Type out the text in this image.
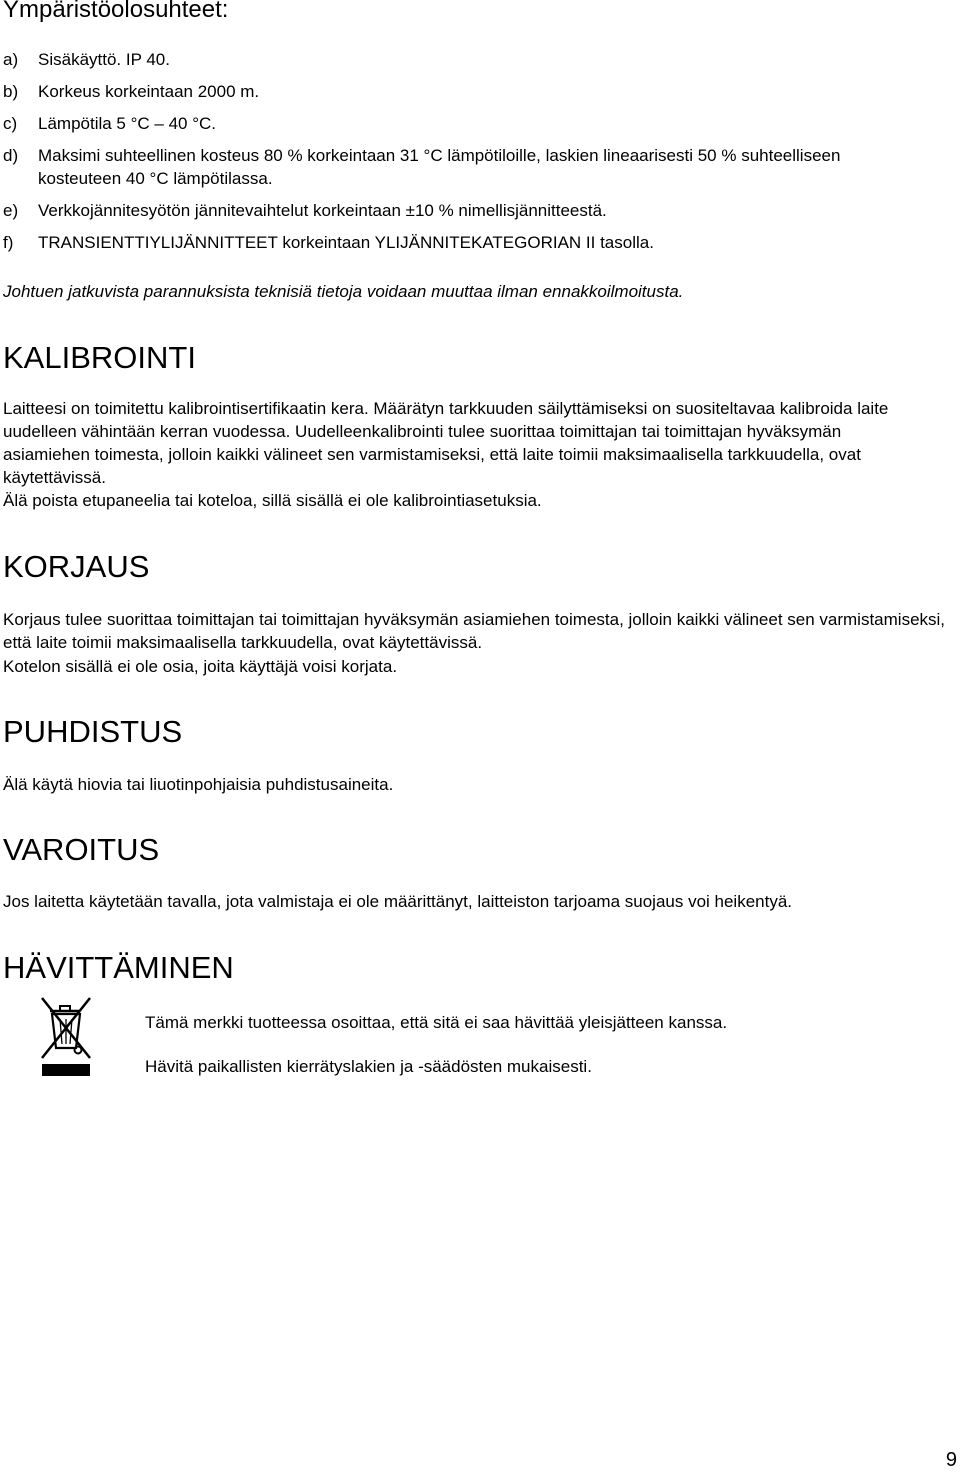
Ympäristöolosuhteet:
a) Sisäkäyttö. IP 40.
b) Korkeus korkeintaan 2000 m.
c) Lämpötila 5 °C – 40 °C.
d) Maksimi suhteellinen kosteus 80 % korkeintaan 31 °C lämpötiloille, laskien lineaarisesti 50 % suhteelliseen kosteuteen 40 °C lämpötilassa.
e) Verkkojännitesyötön jännitevaihtelut korkeintaan ±10 % nimellisjännitteestä.
f) TRANSIENTTIYLIJÄNNITTEET korkeintaan YLIJÄNNITEKATEGORIAN II tasolla.
Johtuen jatkuvista parannuksista teknisiä tietoja voidaan muuttaa ilman ennakkoilmoitusta.
KALIBROINTI

Laitteesi on toimitettu kalibrointisertifikaatin kera. Määrätyn tarkkuuden säilyttämiseksi on suositeltavaa kalibroida laite uudelleen vähintään kerran vuodessa. Uudelleenkalibrointi tulee suorittaa toimittajan tai toimittajan hyväksymän asiamiehen toimesta, jolloin kaikki välineet sen varmistamiseksi, että laite toimii maksimaalisella tarkkuudella, ovat käytettävissä.

Älä poista etupaneelia tai koteloa, sillä sisällä ei ole kalibrointiasetuksia.

KORJAUS

Korjaus tulee suorittaa toimittajan tai toimittajan hyväksymän asiamiehen toimesta, jolloin kaikki välineet sen varmistamiseksi, että laite toimii maksimaalisella tarkkuudella, ovat käytettävissä.

Kotelon sisällä ei ole osia, joita käyttäjä voisi korjata.

PUHDISTUS

Älä käytä hiovia tai liuotinpohjaisia puhdistusaineita.

VAROITUS

Jos laitetta käytetään tavalla, jota valmistaja ei ole määrittänyt, laitteiston tarjoama suojaus voi heikentyä.

HÄVITTÄMINEN

Tämä merkki tuotteessa osoittaa, että sitä ei saa hävittää yleisjätteen kanssa.

Hävitä paikallisten kierrätyslakien ja -säädösten mukaisesti.

9
